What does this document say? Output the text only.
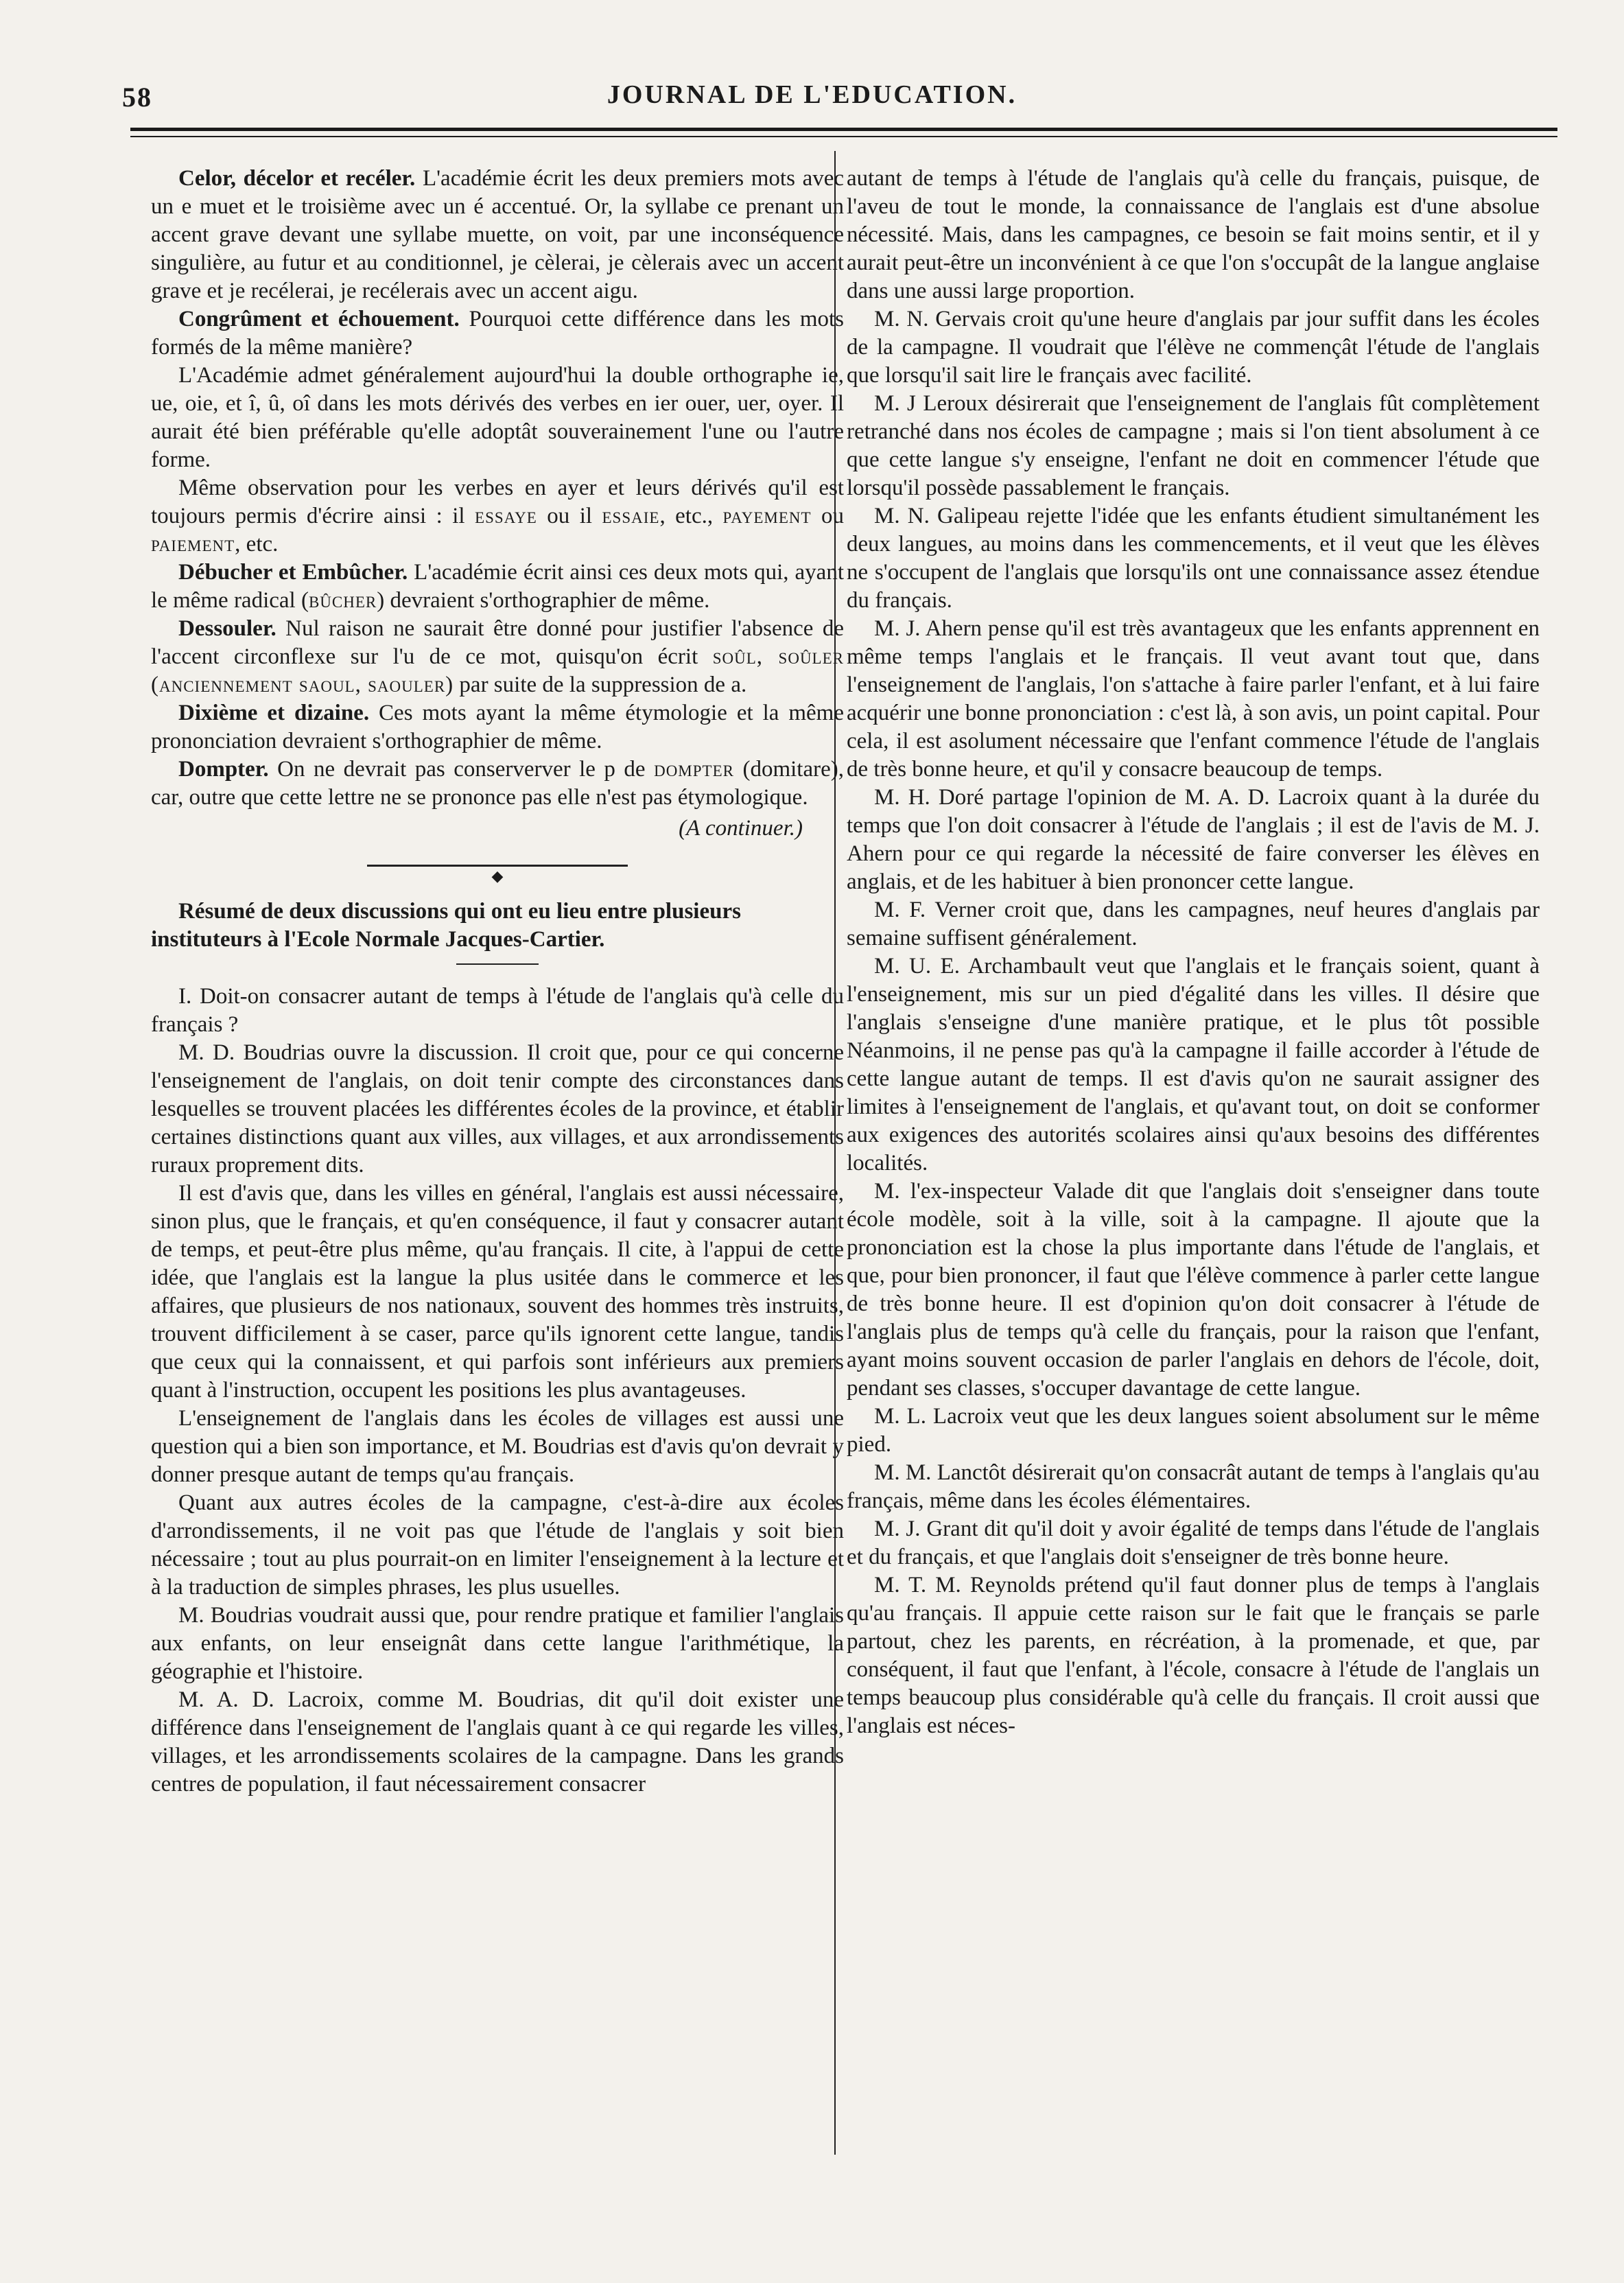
58	JOURNAL DE L'EDUCATION.

Celor, décelor et recéler. L'académie écrit les deux premiers mots avec un e muet et le troisième avec un é accentué. Or, la syllabe ce prenant un accent grave devant une syllabe muette, on voit, par une inconséquence singulière, au futur et au conditionnel, je cèlerai, je cèlerais avec un accent grave et je recélerai, je recélerais avec un accent aigu.

Congrûment et échouement. Pourquoi cette différence dans les mots formés de la même manière?

L'Académie admet généralement aujourd'hui la double orthographe ie, ue, oie, et î, û, oî dans les mots dérivés des verbes en ier ouer, uer, oyer. Il aurait été bien préférable qu'elle adoptât souverainement l'une ou l'autre forme.

Même observation pour les verbes en ayer et leurs dérivés qu'il est toujours permis d'écrire ainsi : il essaye ou il essaie, etc., payement ou paiement, etc.

Débucher et Embûcher. L'académie écrit ainsi ces deux mots qui, ayant le même radical (bûcher) devraient s'orthographier de même.

Dessouler. Nul raison ne saurait être donné pour justifier l'absence de l'accent circonflexe sur l'u de ce mot, quisqu'on écrit soûl, soûler (anciennement saoul, saouler) par suite de la suppression de a.

Dixième et dizaine. Ces mots ayant la même étymologie et la même prononciation devraient s'orthographier de même.

Dompter. On ne devrait pas conserverver le p de dompter (domitare), car, outre que cette lettre ne se prononce pas elle n'est pas étymologique.

(A continuer.)
◆

Résumé de deux discussions qui ont eu lieu entre plusieurs instituteurs à l'Ecole Normale Jacques-Cartier.

I. Doit-on consacrer autant de temps à l'étude de l'anglais qu'à celle du français ?

M. D. Boudrias ouvre la discussion. Il croit que, pour ce qui concerne l'enseignement de l'anglais, on doit tenir compte des circonstances dans lesquelles se trouvent placées les différentes écoles de la province, et établir certaines distinctions quant aux villes, aux villages, et aux arrondissements ruraux proprement dits.

Il est d'avis que, dans les villes en général, l'anglais est aussi nécessaire, sinon plus, que le français, et qu'en conséquence, il faut y consacrer autant de temps, et peut-être plus même, qu'au français. Il cite, à l'appui de cette idée, que l'anglais est la langue la plus usitée dans le commerce et les affaires, que plusieurs de nos nationaux, souvent des hommes très instruits, trouvent difficilement à se caser, parce qu'ils ignorent cette langue, tandis que ceux qui la connaissent, et qui parfois sont inférieurs aux premiers quant à l'instruction, occupent les positions les plus avantageuses.

L'enseignement de l'anglais dans les écoles de villages est aussi une question qui a bien son importance, et M. Boudrias est d'avis qu'on devrait y donner presque autant de temps qu'au français.

Quant aux autres écoles de la campagne, c'est-à-dire aux écoles d'arrondissements, il ne voit pas que l'étude de l'anglais y soit bien nécessaire ; tout au plus pourrait-on en limiter l'enseignement à la lecture et à la traduction de simples phrases, les plus usuelles.

M. Boudrias voudrait aussi que, pour rendre pratique et familier l'anglais aux enfants, on leur enseignât dans cette langue l'arithmétique, la géographie et l'histoire.

M. A. D. Lacroix, comme M. Boudrias, dit qu'il doit exister une différence dans l'enseignement de l'anglais quant à ce qui regarde les villes, villages, et les arrondissements scolaires de la campagne. Dans les grands centres de population, il faut nécessairement consacrer

autant de temps à l'étude de l'anglais qu'à celle du français, puisque, de l'aveu de tout le monde, la connaissance de l'anglais est d'une absolue nécessité. Mais, dans les campagnes, ce besoin se fait moins sentir, et il y aurait peut-être un inconvénient à ce que l'on s'occupât de la langue anglaise dans une aussi large proportion.

M. N. Gervais croit qu'une heure d'anglais par jour suffit dans les écoles de la campagne. Il voudrait que l'élève ne commençât l'étude de l'anglais que lorsqu'il sait lire le français avec facilité.

M. J Leroux désirerait que l'enseignement de l'anglais fût complètement retranché dans nos écoles de campagne ; mais si l'on tient absolument à ce que cette langue s'y enseigne, l'enfant ne doit en commencer l'étude que lorsqu'il possède passablement le français.

M. N. Galipeau rejette l'idée que les enfants étudient simultanément les deux langues, au moins dans les commencements, et il veut que les élèves ne s'occupent de l'anglais que lorsqu'ils ont une connaissance assez étendue du français.

M. J. Ahern pense qu'il est très avantageux que les enfants apprennent en même temps l'anglais et le français. Il veut avant tout que, dans l'enseignement de l'anglais, l'on s'attache à faire parler l'enfant, et à lui faire acquérir une bonne prononciation : c'est là, à son avis, un point capital. Pour cela, il est asolument nécessaire que l'enfant commence l'étude de l'anglais de très bonne heure, et qu'il y consacre beaucoup de temps.

M. H. Doré partage l'opinion de M. A. D. Lacroix quant à la durée du temps que l'on doit consacrer à l'étude de l'anglais ; il est de l'avis de M. J. Ahern pour ce qui regarde la nécessité de faire converser les élèves en anglais, et de les habituer à bien prononcer cette langue.

M. F. Verner croit que, dans les campagnes, neuf heures d'anglais par semaine suffisent généralement.

M. U. E. Archambault veut que l'anglais et le français soient, quant à l'enseignement, mis sur un pied d'égalité dans les villes. Il désire que l'anglais s'enseigne d'une manière pratique, et le plus tôt possible Néanmoins, il ne pense pas qu'à la campagne il faille accorder à l'étude de cette langue autant de temps. Il est d'avis qu'on ne saurait assigner des limites à l'enseignement de l'anglais, et qu'avant tout, on doit se conformer aux exigences des autorités scolaires ainsi qu'aux besoins des différentes localités.

M. l'ex-inspecteur Valade dit que l'anglais doit s'enseigner dans toute école modèle, soit à la ville, soit à la campagne. Il ajoute que la prononciation est la chose la plus importante dans l'étude de l'anglais, et que, pour bien prononcer, il faut que l'élève commence à parler cette langue de très bonne heure. Il est d'opinion qu'on doit consacrer à l'étude de l'anglais plus de temps qu'à celle du français, pour la raison que l'enfant, ayant moins souvent occasion de parler l'anglais en dehors de l'école, doit, pendant ses classes, s'occuper davantage de cette langue.

M. L. Lacroix veut que les deux langues soient absolument sur le même pied.

M. M. Lanctôt désirerait qu'on consacrât autant de temps à l'anglais qu'au français, même dans les écoles élémentaires.

M. J. Grant dit qu'il doit y avoir égalité de temps dans l'étude de l'anglais et du français, et que l'anglais doit s'enseigner de très bonne heure.

M. T. M. Reynolds prétend qu'il faut donner plus de temps à l'anglais qu'au français. Il appuie cette raison sur le fait que le français se parle partout, chez les parents, en récréation, à la promenade, et que, par conséquent, il faut que l'enfant, à l'école, consacre à l'étude de l'anglais un temps beaucoup plus considérable qu'à celle du français. Il croit aussi que l'anglais est néces-
